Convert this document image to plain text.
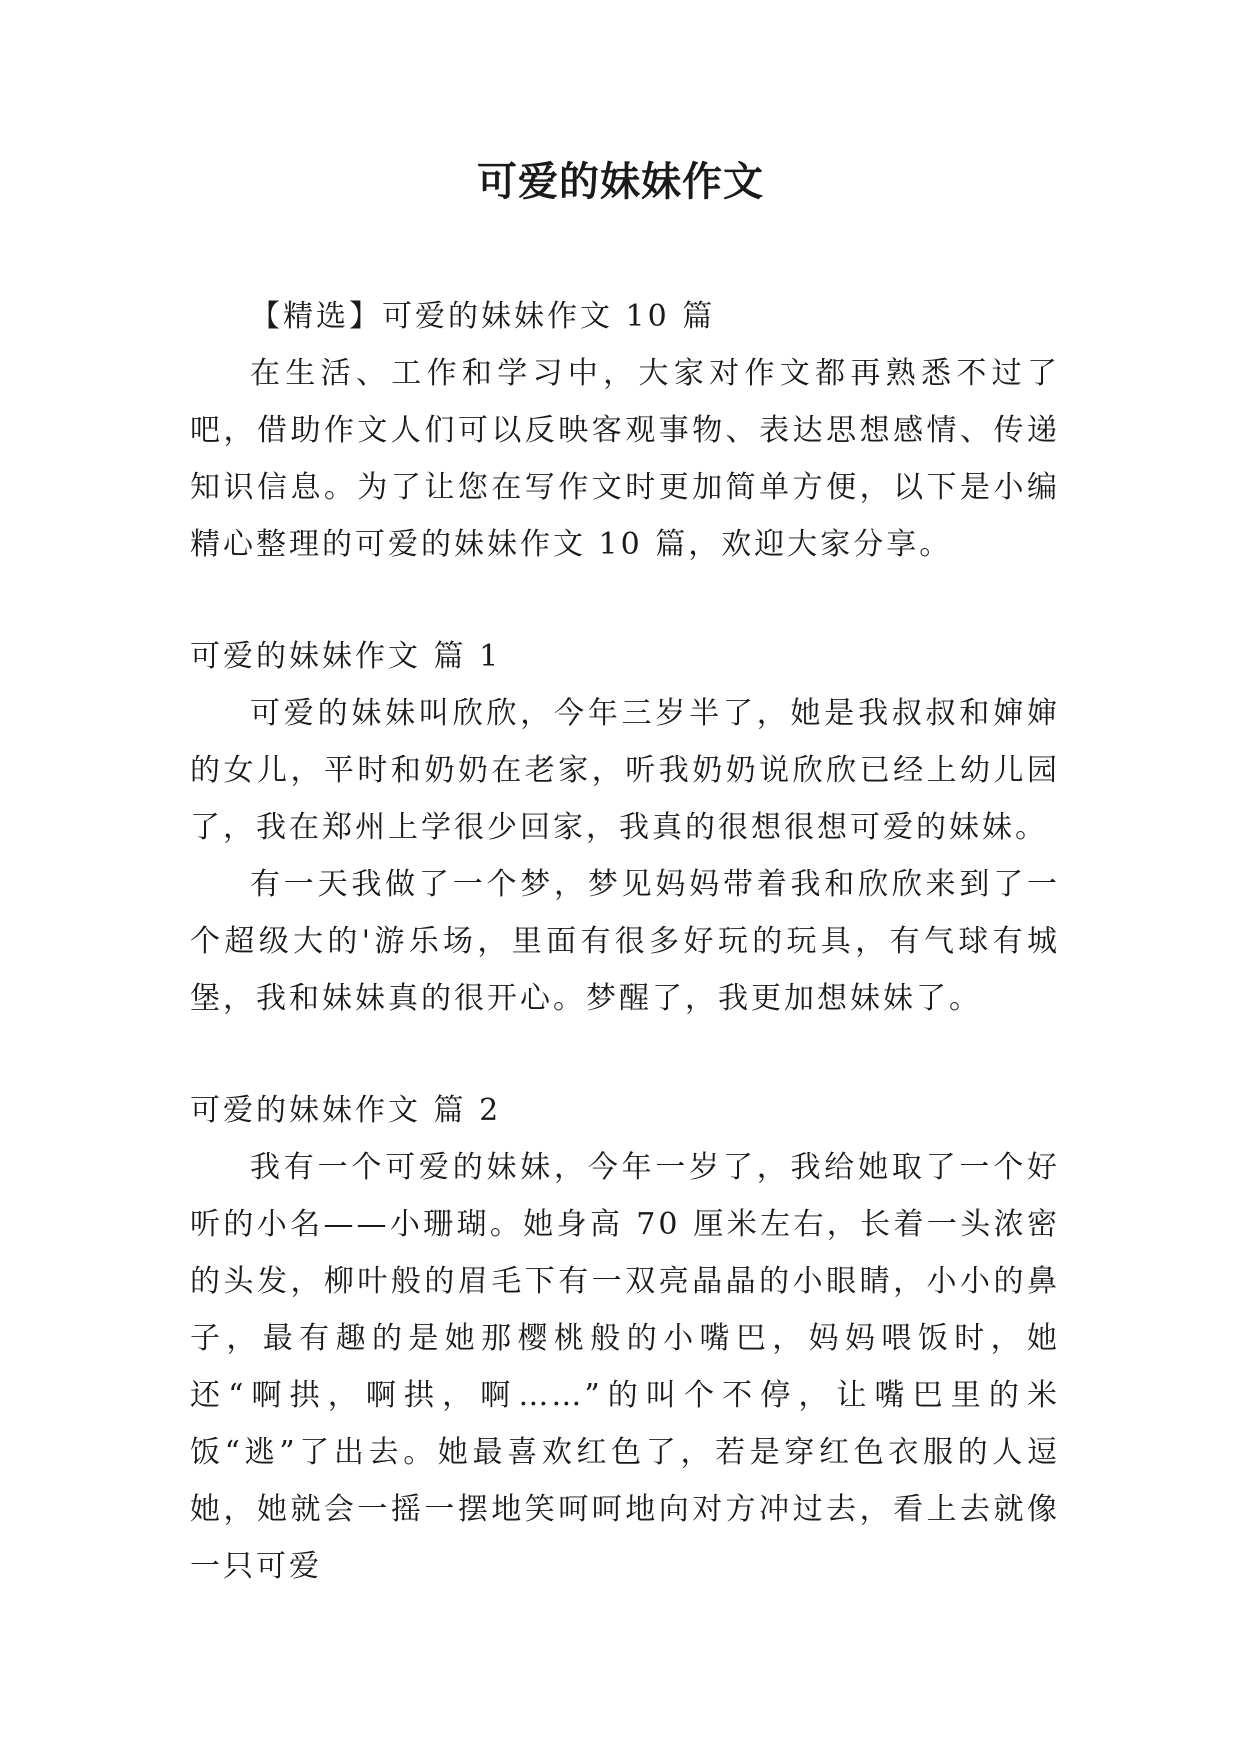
可爱的妹妹作文

【精选】可爱的妹妹作文 10 篇

在生活、工作和学习中，大家对作文都再熟悉不过了吧，借助作文人们可以反映客观事物、表达思想感情、传递知识信息。为了让您在写作文时更加简单方便，以下是小编精心整理的可爱的妹妹作文 10 篇，欢迎大家分享。

可爱的妹妹作文 篇 1

可爱的妹妹叫欣欣，今年三岁半了，她是我叔叔和婶婶的女儿，平时和奶奶在老家，听我奶奶说欣欣已经上幼儿园了，我在郑州上学很少回家，我真的很想很想可爱的妹妹。

有一天我做了一个梦，梦见妈妈带着我和欣欣来到了一个超级大的'游乐场，里面有很多好玩的玩具，有气球有城堡，我和妹妹真的很开心。梦醒了，我更加想妹妹了。

可爱的妹妹作文 篇 2

我有一个可爱的妹妹，今年一岁了，我给她取了一个好听的小名——小珊瑚。她身高 70 厘米左右，长着一头浓密的头发，柳叶般的眉毛下有一双亮晶晶的小眼睛，小小的鼻子，最有趣的是她那樱桃般的小嘴巴，妈妈喂饭时，她还“啊拱，啊拱，啊……”的叫个不停，让嘴巴里的米饭“逃”了出去。她最喜欢红色了，若是穿红色衣服的人逗她，她就会一摇一摆地笑呵呵地向对方冲过去，看上去就像一只可爱
